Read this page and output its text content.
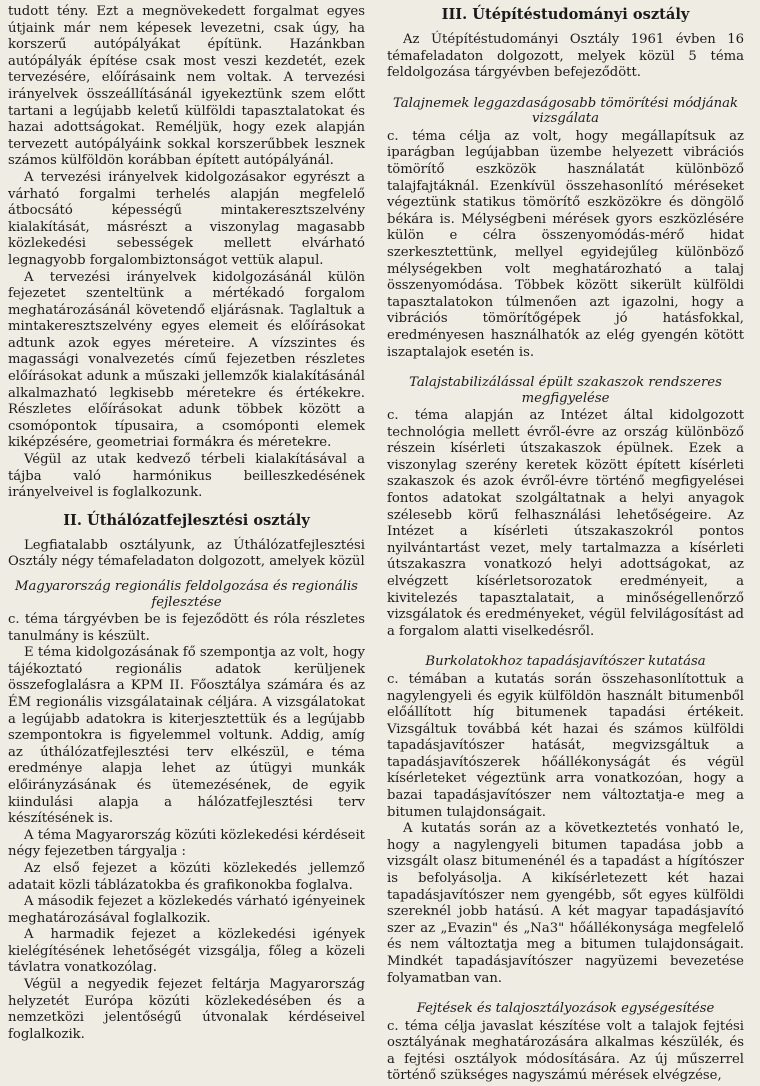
tudott tény. Ezt a megnövekedett forgalmat egyes útjaink már nem képesek levezetni, csak úgy, ha korszerű autópályákat építünk. Hazánkban autópályák építése csak most veszi kezdetét, ezek tervezésére, előírásaink nem voltak. A tervezési irányelvek összeállításánál igyekeztünk szem előtt tartani a legújabb keletű külföldi tapasztalatokat és hazai adottságokat. Reméljük, hogy ezek alapján tervezett autópályáink sokkal korszerűbbek lesznek számos külföldön korábban épített autópályánál.

A tervezési irányelvek kidolgozásakor egyrészt a várható forgalmi terhelés alapján megfelelő átbocsátó képességű mintakeresztszelvény kialakítását, másrészt a viszonylag magasabb közlekedési sebességek mellett elvárható legnagyobb forgalombiztonságot vettük alapul.

A tervezési irányelvek kidolgozásánál külön fejezetet szenteltünk a mértékadó forgalom meghatározásánál követendő eljárásnak. Taglaltuk a mintakeresztszelvény egyes elemeit és előírásokat adtunk azok egyes méreteire. A vízszintes és magassági vonalvezetés című fejezetben részletes előírásokat adunk a műszaki jellemzők kialakításánál alkalmazható legkisebb méretekre és értékekre. Részletes előírásokat adunk többek között a csomópontok típusaira, a csomóponti elemek kiképzésére, geometriai formákra és méretekre.

Végül az utak kedvező térbeli kialakításával a tájba való harmónikus beilleszkedésének irányelveivel is foglalkozunk.

II. Úthálózatfejlesztési osztály

Legfiatalabb osztályunk, az Úthálózatfejlesztési Osztály négy témafeladaton dolgozott, amelyek közül

Magyarország regionális feldolgozása és regionális fejlesztése

c. téma tárgyévben be is fejeződött és róla részletes tanulmány is készült.

E téma kidolgozásának fő szempontja az volt, hogy tájékoztató regionális adatok kerüljenek összefoglalásra a KPM II. Főosztálya számára és az ÉM regionális vizsgálatainak céljára. A vizsgálatokat a legújabb adatokra is kiterjesztettük és a legújabb szempontokra is figyelemmel voltunk. Addig, amíg az úthálózatfejlesztési terv elkészül, e téma eredménye alapja lehet az útügyi munkák előirányzásának és ütemezésének, de egyik kiindulási alapja a hálózatfejlesztési terv készítésének is.

A téma Magyarország közúti közlekedési kérdéseit négy fejezetben tárgyalja :

Az első fejezet a közúti közlekedés jellemző adatait közli táblázatokba és grafikonokba foglalva.

A második fejezet a közlekedés várható igényeinek meghatározásával foglalkozik.

A harmadik fejezet a közlekedési igények kielégítésének lehetőségét vizsgálja, főleg a közeli távlatra vonatkozólag.

Végül a negyedik fejezet feltárja Magyarország helyzetét Európa közúti közlekedésében és a nemzetközi jelentőségű útvonalak kérdéseivel foglalkozik.

III. Útépítéstudományi osztály

Az Útépítéstudományi Osztály 1961 évben 16 témafeladaton dolgozott, melyek közül 5 téma feldolgozása tárgyévben befejeződött.

Talajnemek leggazdaságosabb tömörítési módjának vizsgálata

c. téma célja az volt, hogy megállapítsuk az iparágban legújabban üzembe helyezett vibrációs tömörítő eszközök használatát különböző talajfajtáknál. Ezenkívül összehasonlító méréseket végeztünk statikus tömörítő eszközökre és döngölő békára is. Mélységbeni mérések gyors eszközlésére külön e célra összenyomódás-mérő hidat szerkesztettünk, mellyel egyidejűleg különböző mélységekben volt meghatározható a talaj összenyomódása. Többek között sikerült külföldi tapasztalatokon túlmenően azt igazolni, hogy a vibrációs tömörítőgépek jó hatásfokkal, eredményesen használhatók az elég gyengén kötött iszaptalajok esetén is.

Talajstabilizálással épült szakaszok rendszeres megfigyelése

c. téma alapján az Intézet által kidolgozott technológia mellett évről-évre az ország különböző részein kísérleti útszakaszok épülnek. Ezek a viszonylag szerény keretek között épített kísérleti szakaszok és azok évről-évre történő megfigyelései fontos adatokat szolgáltatnak a helyi anyagok szélesebb körű felhasználási lehetőségeire. Az Intézet a kísérleti útszakaszokról pontos nyilvántartást vezet, mely tartalmazza a kísérleti útszakaszra vonatkozó helyi adottságokat, az elvégzett kísérletsorozatok eredményeit, a kivitelezés tapasztalatait, a minőségellenőrző vizsgálatok és eredményeket, végül felvilágosítást ad a forgalom alatti viselkedésről.

Burkolatokhoz tapadásjavítószer kutatása

c. témában a kutatás során összehasonlítottuk a nagylengyeli és egyik külföldön használt bitumenből előállított híg bitumenek tapadási értékeit. Vizsgáltuk továbbá két hazai és számos külföldi tapadásjavítószer hatását, megvizsgáltuk a tapadásjavítószerek hőállékonyságát és végül kísérleteket végeztünk arra vonatkozóan, hogy a bazai tapadásjavítószer nem változtatja-e meg a bitumen tulajdonságait.

A kutatás során az a következtetés vonható le, hogy a nagylengyeli bitumen tapadása jobb a vizsgált olasz bitumenénél és a tapadást a hígítószer is befolyásolja. A kikísérletezett két hazai tapadásjavítószer nem gyengébb, sőt egyes külföldi szereknél jobb hatású. A két magyar tapadásjavító szer az „Evazin" és „Na3" hőállékonysága megfelelő és nem változtatja meg a bitumen tulajdonságait. Mindkét tapadásjavítószer nagyüzemi bevezetése folyamatban van.

Fejtések és talajosztályozások egységesítése

c. téma célja javaslat készítése volt a talajok fejtési osztályának meghatározására alkalmas készülék, és a fejtési osztályok módosítására. Az új műszerrel történő szükséges nagyszámú mérések elvégzése,
